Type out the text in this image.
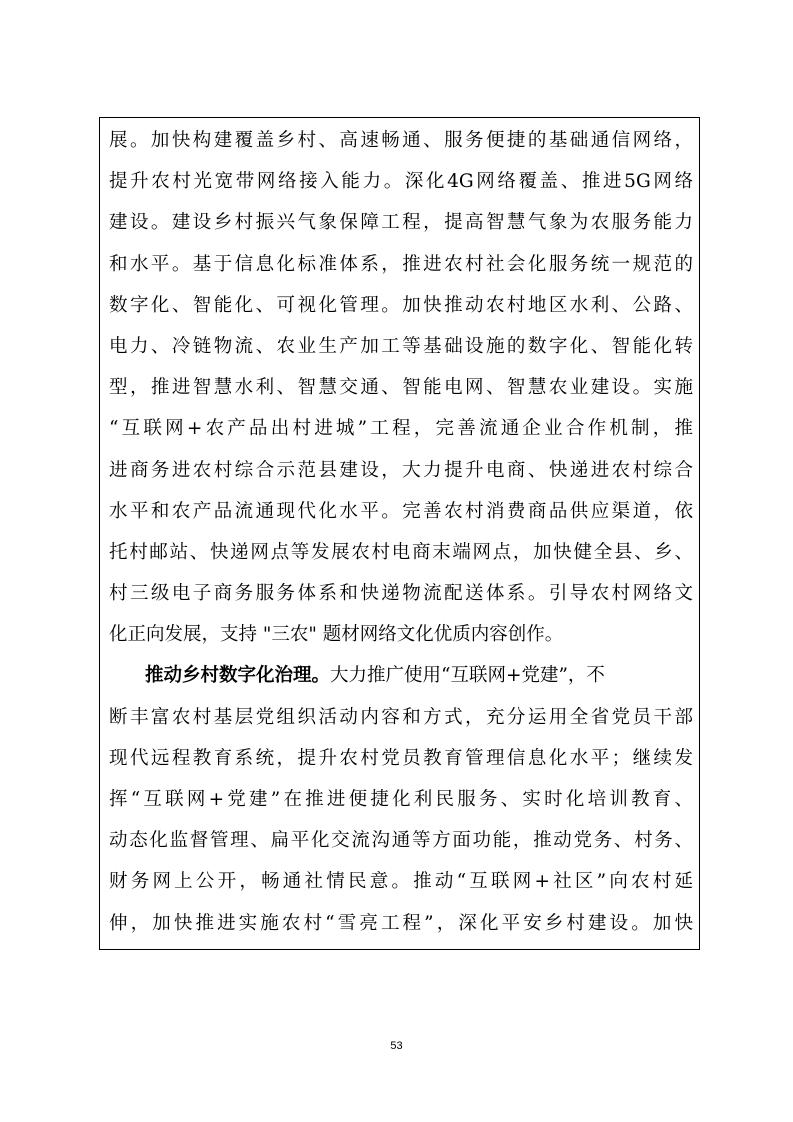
展。加快构建覆盖乡村、高速畅通、服务便捷的基础通信网络，
提升农村光宽带网络接入能力。深化4G网络覆盖、推进5G网络
建设。建设乡村振兴气象保障工程，提高智慧气象为农服务能力
和水平。基于信息化标准体系，推进农村社会化服务统一规范的
数字化、智能化、可视化管理。加快推动农村地区水利、公路、
电力、冷链物流、农业生产加工等基础设施的数字化、智能化转
型，推进智慧水利、智慧交通、智能电网、智慧农业建设。实施
“互联网+农产品出村进城”工程，完善流通企业合作机制，推
进商务进农村综合示范县建设，大力提升电商、快递进农村综合
水平和农产品流通现代化水平。完善农村消费商品供应渠道，依
托村邮站、快递网点等发展农村电商末端网点，加快健全县、乡、
村三级电子商务服务体系和快递物流配送体系。引导农村网络文
化正向发展，支持 "三农" 题材网络文化优质内容创作。
推动乡村数字化治理。大力推广使用“互联网+党建”，不
断丰富农村基层党组织活动内容和方式，充分运用全省党员干部
现代远程教育系统，提升农村党员教育管理信息化水平；继续发
挥“互联网+党建”在推进便捷化利民服务、实时化培训教育、
动态化监督管理、扁平化交流沟通等方面功能，推动党务、村务、
财务网上公开，畅通社情民意。推动“互联网+社区”向农村延
伸，加快推进实施农村“雪亮工程”，深化平安乡村建设。加快
53
